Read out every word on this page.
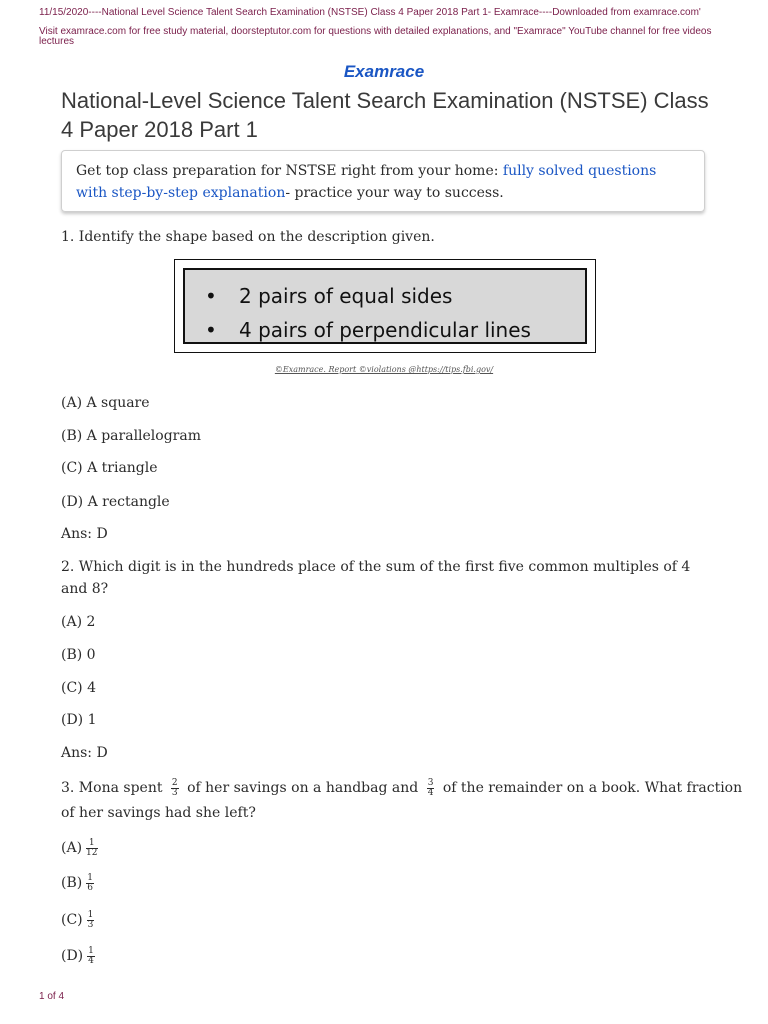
11/15/2020----National Level Science Talent Search Examination (NSTSE) Class 4 Paper 2018 Part 1- Examrace----Downloaded from examrace.com'
Visit examrace.com for free study material, doorsteptutor.com for questions with detailed explanations, and "Examrace" YouTube channel for free videos lectures
Examrace
National-Level Science Talent Search Examination (NSTSE) Class 4 Paper 2018 Part 1
Get top class preparation for NSTSE right from your home: fully solved questions with step-by-step explanation- practice your way to success.
1. Identify the shape based on the description given.
• 2 pairs of equal sides
• 4 pairs of perpendicular lines
©Examrace. Report ©violations @https://tips.fbi.gov/
(A) A square
(B) A parallelogram
(C) A triangle
(D) A rectangle
Ans: D
2. Which digit is in the hundreds place of the sum of the first five common multiples of 4 and 8?
(A) 2
(B) 0
(C) 4
(D) 1
Ans: D
3. Mona spent $\frac{2}{3}$ of her savings on a handbag and $\frac{3}{4}$ of the remainder on a book. What fraction
of her savings had she left?
$(A) \frac{1}{12}$
$(B) \frac{1}{6}$
$(C) \frac{1}{3}$
$(D) \frac{1}{4}$
1 of 4
